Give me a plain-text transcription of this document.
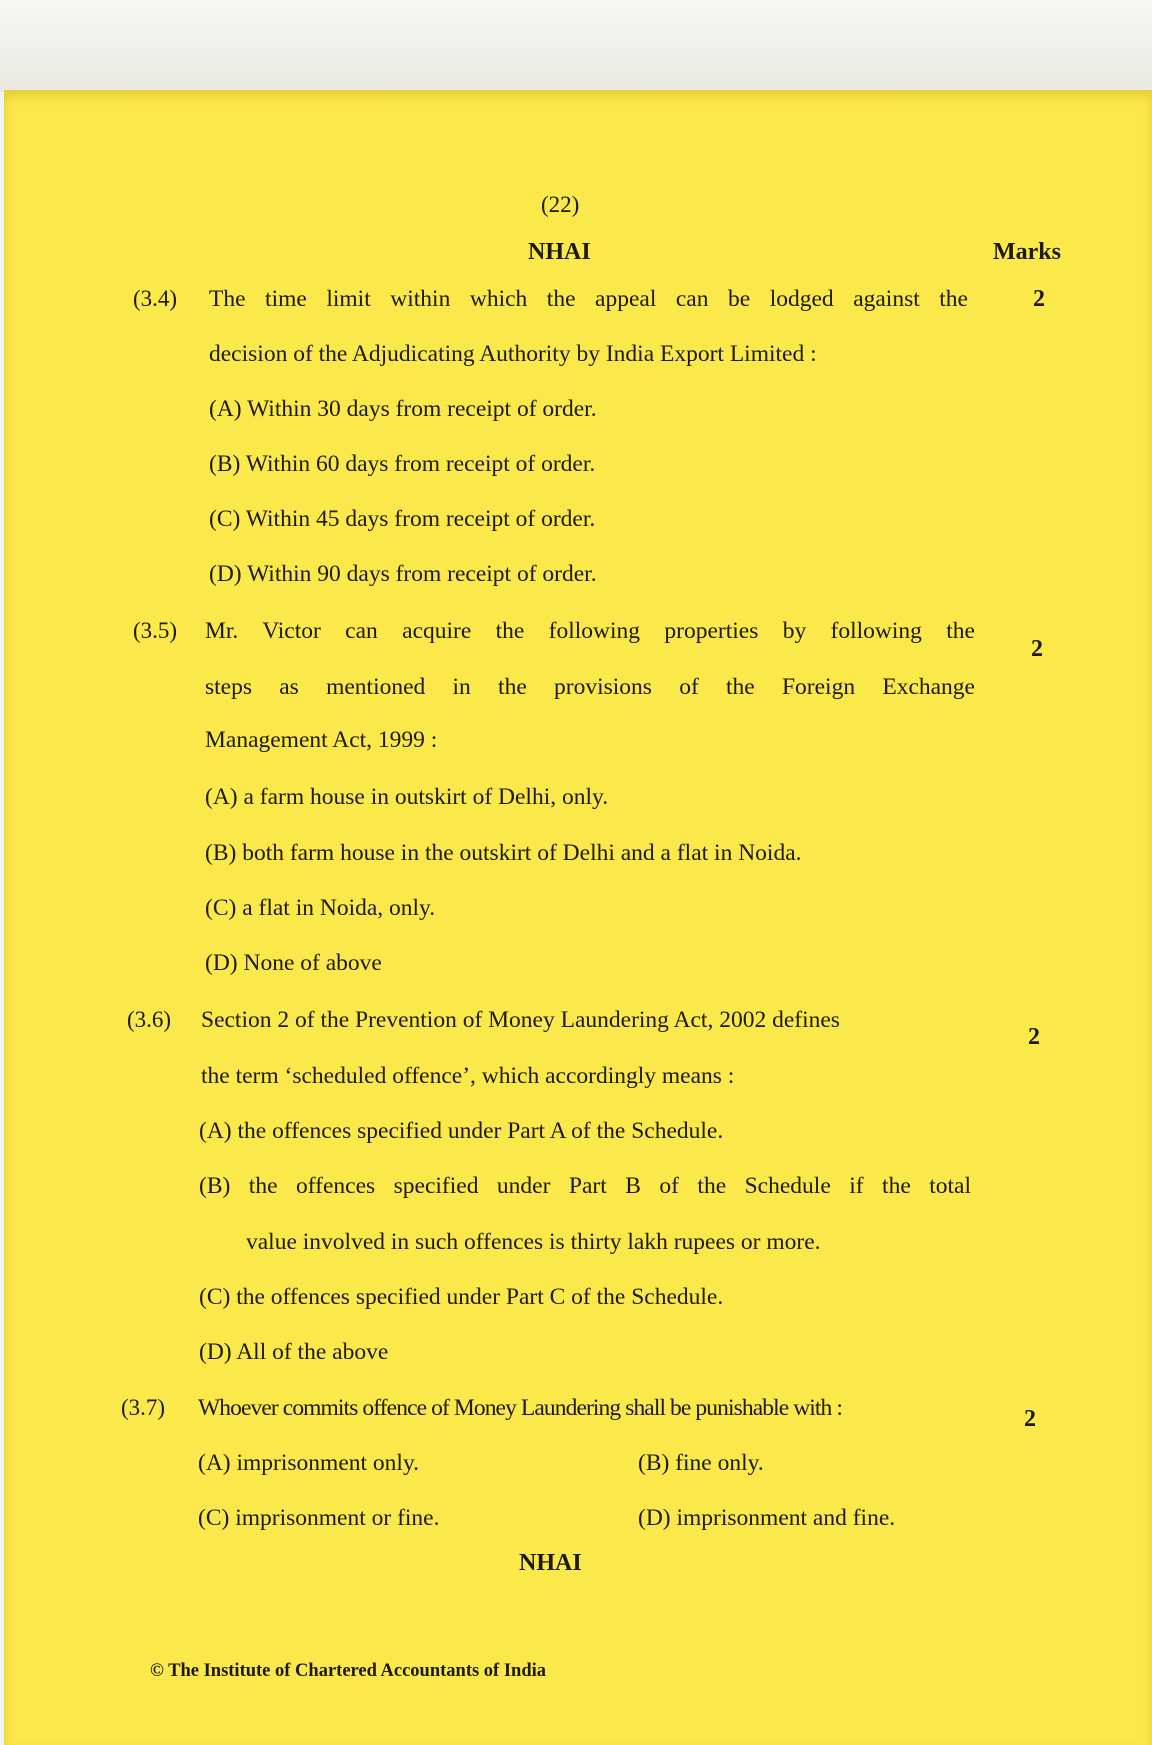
(22)
NHAI	Marks
(3.4) The time limit within which the appeal can be lodged against the
decision of the Adjudicating Authority by India Export Limited :
2
(A) Within 30 days from receipt of order.
(B) Within 60 days from receipt of order.
(C) Within 45 days from receipt of order.
(D) Within 90 days from receipt of order.
(3.5) Mr. Victor can acquire the following properties by following the
steps as mentioned in the provisions of the Foreign Exchange
Management Act, 1999 :
2
(A) a farm house in outskirt of Delhi, only.
(B) both farm house in the outskirt of Delhi and a flat in Noida.
(C) a flat in Noida, only.
(D) None of above
(3.6) Section 2 of the Prevention of Money Laundering Act, 2002 defines
the term ‘scheduled offence’, which accordingly means :
2
(A) the offences specified under Part A of the Schedule.
(B) the offences specified under Part B of the Schedule if the total
value involved in such offences is thirty lakh rupees or more.
(C) the offences specified under Part C of the Schedule.
(D) All of the above
(3.7) Whoever commits offence of Money Laundering shall be punishable with :	2
(A) imprisonment only.	(B) fine only.
(C) imprisonment or fine.	(D) imprisonment and fine.
NHAI
© The Institute of Chartered Accountants of India
